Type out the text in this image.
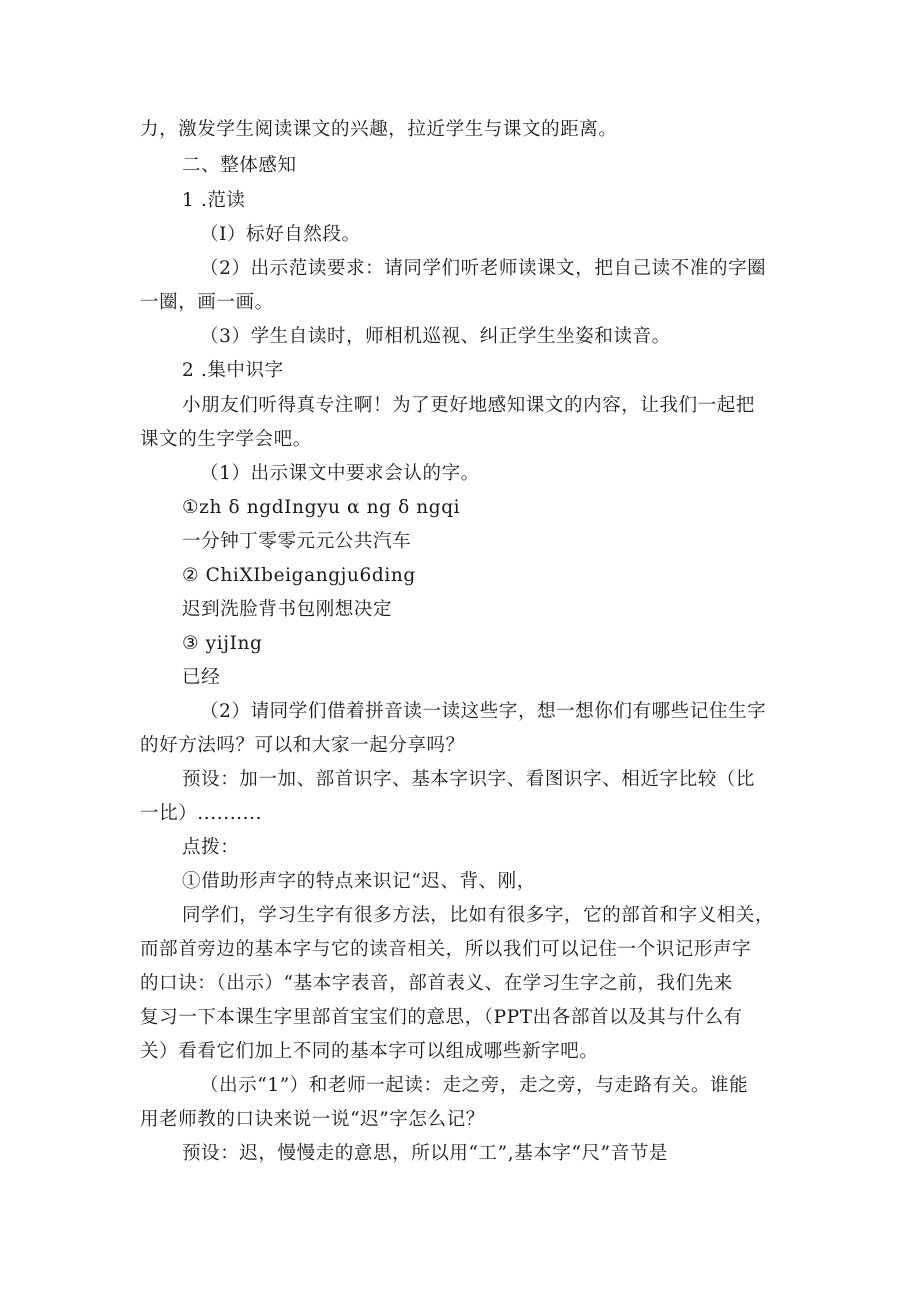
力，激发学生阅读课文的兴趣，拉近学生与课文的距离。
二、整体感知
1 .范读
（I）标好自然段。
（2）出示范读要求：请同学们听老师读课文，把自己读不准的字圈
一圈，画一画。
（3）学生自读时，师相机巡视、纠正学生坐姿和读音。
2 .集中识字
小朋友们听得真专注啊！为了更好地感知课文的内容，让我们一起把
课文的生字学会吧。
（1）出示课文中要求会认的字。
①zh δ ngdIngyu α ng δ ngqi
一分钟丁零零元元公共汽车
② ChiXIbeigangju6ding
迟到洗脸背书包刚想决定
③ yijIng
已经
（2）请同学们借着拼音读一读这些字，想一想你们有哪些记住生字
的好方法吗？可以和大家一起分享吗？
预设：加一加、部首识字、基本字识字、看图识字、相近字比较（比
一比）..........
点拨：
①借助形声字的特点来识记“迟、背、刚，
同学们，学习生字有很多方法，比如有很多字，它的部首和字义相关，
而部首旁边的基本字与它的读音相关，所以我们可以记住一个识记形声字
的口诀：（出示）“基本字表音，部首表义、在学习生字之前，我们先来
复习一下本课生字里部首宝宝们的意思，（PPT出各部首以及其与什么有
关）看看它们加上不同的基本字可以组成哪些新字吧。
（出示“1”）和老师一起读：走之旁，走之旁，与走路有关。谁能
用老师教的口诀来说一说“迟”字怎么记？
预设：迟，慢慢走的意思，所以用“工”,基本字“尺”音节是
